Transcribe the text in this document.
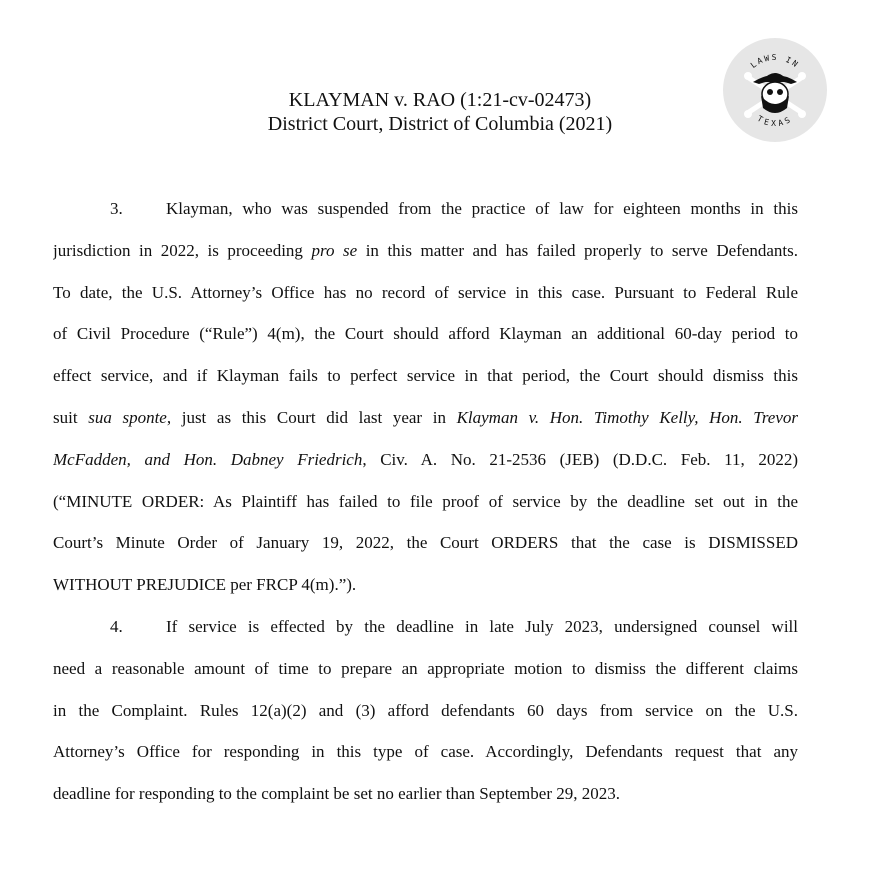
LAWS IN
TEXAS
KLAYMAN v. RAO (1:21-cv-02473)
District Court, District of Columbia (2021)
3.	Klayman, who was suspended from the practice of law for eighteen months in this
jurisdiction in 2022, is proceeding pro se in this matter and has failed properly to serve Defendants.
To date, the U.S. Attorney’s Office has no record of service in this case. Pursuant to Federal Rule
of Civil Procedure (“Rule”) 4(m), the Court should afford Klayman an additional 60-day period to
effect service, and if Klayman fails to perfect service in that period, the Court should dismiss this
suit sua sponte, just as this Court did last year in Klayman v. Hon. Timothy Kelly, Hon. Trevor
McFadden, and Hon. Dabney Friedrich, Civ. A. No. 21-2536 (JEB) (D.D.C. Feb. 11, 2022)
(“MINUTE ORDER: As Plaintiff has failed to file proof of service by the deadline set out in the
Court’s Minute Order of January 19, 2022, the Court ORDERS that the case is DISMISSED
WITHOUT PREJUDICE per FRCP 4(m).”).
4.	If service is effected by the deadline in late July 2023, undersigned counsel will
need a reasonable amount of time to prepare an appropriate motion to dismiss the different claims
in the Complaint. Rules 12(a)(2) and (3) afford defendants 60 days from service on the U.S.
Attorney’s Office for responding in this type of case. Accordingly, Defendants request that any
deadline for responding to the complaint be set no earlier than September 29, 2023.
